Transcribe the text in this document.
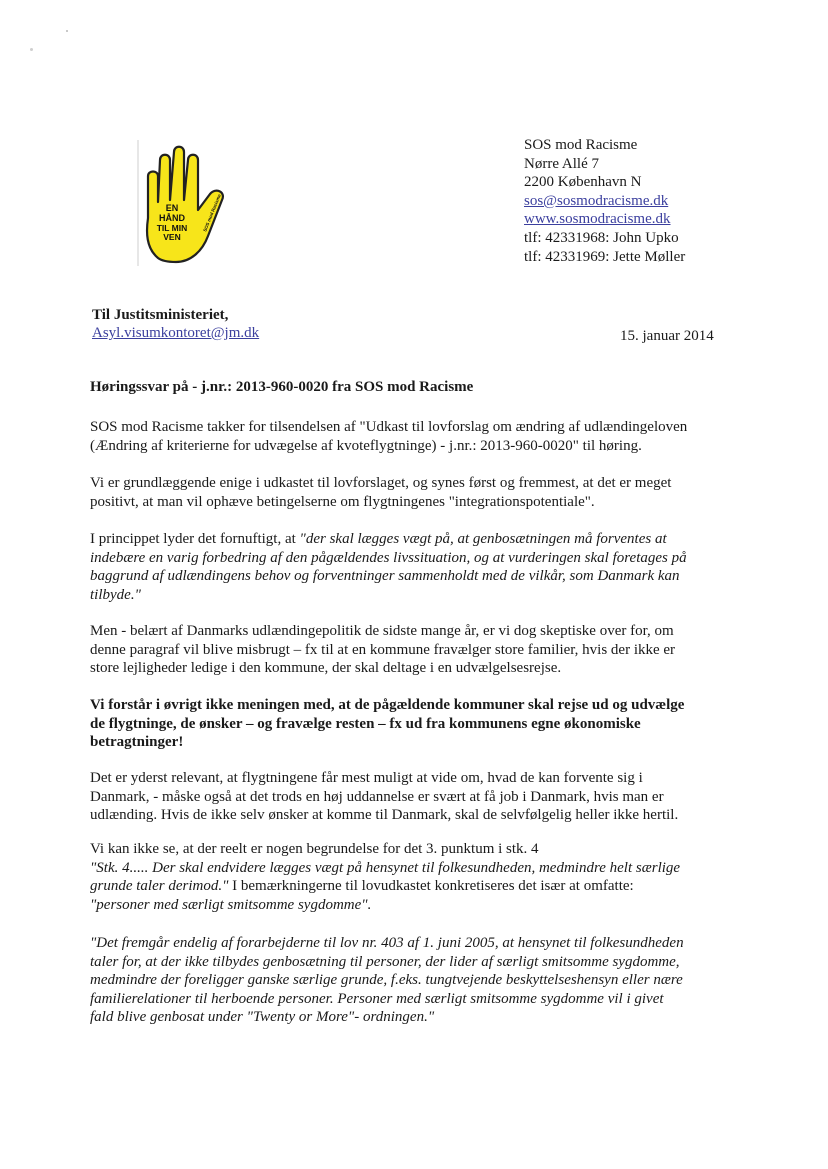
EN
HÅND
TIL MIN
VEN
SOS mod Racisme
SOS mod Racisme
Nørre Allé 7
2200 København N
sos@sosmodracisme.dk
www.sosmodracisme.dk
tlf: 42331968: John Upko
tlf: 42331969: Jette Møller
Til Justitsministeriet,
Asyl.visumkontoret@jm.dk	15. januar 2014
Høringssvar på - j.nr.: 2013-960-0020 fra SOS mod Racisme
SOS mod Racisme takker for tilsendelsen af "Udkast til lovforslag om ændring af udlændingeloven
(Ændring af kriterierne for udvægelse af kvoteflygtninge) - j.nr.: 2013-960-0020" til høring.
Vi er grundlæggende enige i udkastet til lovforslaget, og synes først og fremmest, at det er meget
positivt, at man vil ophæve betingelserne om flygtningenes "integrationspotentiale".
I princippet lyder det fornuftigt, at "der skal lægges vægt på, at genbosætningen må forventes at
indebære en varig forbedring af den pågældendes livssituation, og at vurderingen skal foretages på
baggrund af udlændingens behov og forventninger sammenholdt med de vilkår, som Danmark kan
tilbyde."
Men - belært af Danmarks udlændingepolitik de sidste mange år, er vi dog skeptiske over for, om
denne paragraf vil blive misbrugt – fx til at en kommune fravælger store familier, hvis der ikke er
store lejligheder ledige i den kommune, der skal deltage i en udvælgelsesrejse.
Vi forstår i øvrigt ikke meningen med, at de pågældende kommuner skal rejse ud og udvælge
de flygtninge, de ønsker – og fravælge resten – fx ud fra kommunens egne økonomiske
betragtninger!
Det er yderst relevant, at flygtningene får mest muligt at vide om, hvad de kan forvente sig i
Danmark, - måske også at det trods en høj uddannelse er svært at få job i Danmark, hvis man er
udlænding. Hvis de ikke selv ønsker at komme til Danmark, skal de selvfølgelig heller ikke hertil.
Vi kan ikke se, at der reelt er nogen begrundelse for det 3. punktum i stk. 4
"Stk. 4..... Der skal endvidere lægges vægt på hensynet til folkesundheden, medmindre helt særlige
grunde taler derimod." I bemærkningerne til lovudkastet konkretiseres det især at omfatte:
"personer med særligt smitsomme sygdomme".
"Det fremgår endelig af forarbejderne til lov nr. 403 af 1. juni 2005, at hensynet til folkesundheden
taler for, at der ikke tilbydes genbosætning til personer, der lider af særligt smitsomme sygdomme,
medmindre der foreligger ganske særlige grunde, f.eks. tungtvejende beskyttelseshensyn eller nære
familierelationer til herboende personer. Personer med særligt smitsomme sygdomme vil i givet
fald blive genbosat under "Twenty or More"- ordningen."
